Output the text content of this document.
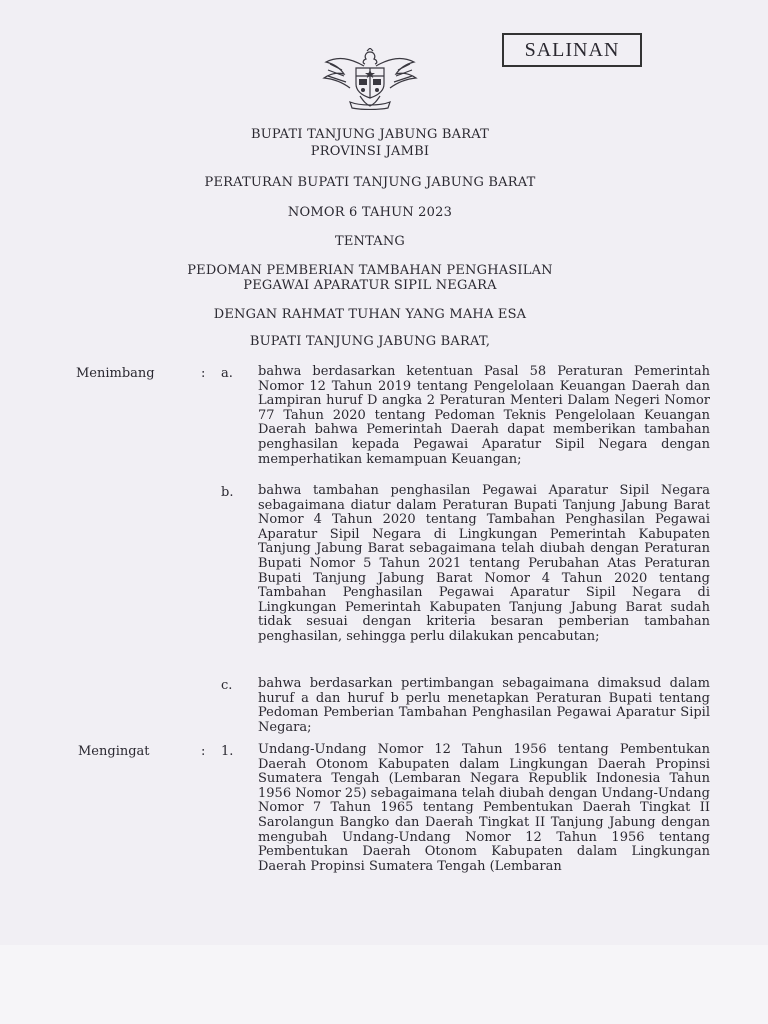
SALINAN
BUPATI TANJUNG JABUNG BARAT
PROVINSI JAMBI
PERATURAN BUPATI TANJUNG JABUNG BARAT
NOMOR 6 TAHUN 2023
TENTANG
PEDOMAN PEMBERIAN TAMBAHAN PENGHASILAN
PEGAWAI APARATUR SIPIL NEGARA
DENGAN RAHMAT TUHAN YANG MAHA ESA
BUPATI TANJUNG JABUNG BARAT,
Menimbang	: a. bahwa berdasarkan ketentuan Pasal 58 Peraturan Pemerintah Nomor 12 Tahun 2019 tentang Pengelolaan Keuangan Daerah dan Lampiran huruf D angka 2 Peraturan Menteri Dalam Negeri Nomor 77 Tahun 2020 tentang Pedoman Teknis Pengelolaan Keuangan Daerah bahwa Pemerintah Daerah dapat memberikan tambahan penghasilan kepada Pegawai Aparatur Sipil Negara dengan memperhatikan kemampuan Keuangan;
b. bahwa tambahan penghasilan Pegawai Aparatur Sipil Negara sebagaimana diatur dalam Peraturan Bupati Tanjung Jabung Barat Nomor 4 Tahun 2020 tentang Tambahan Penghasilan Pegawai Aparatur Sipil Negara di Lingkungan Pemerintah Kabupaten Tanjung Jabung Barat sebagaimana telah diubah dengan Peraturan Bupati Nomor 5 Tahun 2021 tentang Perubahan Atas Peraturan Bupati Tanjung Jabung Barat Nomor 4 Tahun 2020 tentang Tambahan Penghasilan Pegawai Aparatur Sipil Negara di Lingkungan Pemerintah Kabupaten Tanjung Jabung Barat sudah tidak sesuai dengan kriteria besaran pemberian tambahan penghasilan, sehingga perlu dilakukan pencabutan;
c. bahwa berdasarkan pertimbangan sebagaimana dimaksud dalam huruf a dan huruf b perlu menetapkan Peraturan Bupati tentang Pedoman Pemberian Tambahan Penghasilan Pegawai Aparatur Sipil Negara;
Mengingat	: 1. Undang-Undang Nomor 12 Tahun 1956 tentang Pembentukan Daerah Otonom Kabupaten dalam Lingkungan Daerah Propinsi Sumatera Tengah (Lembaran Negara Republik Indonesia Tahun 1956 Nomor 25) sebagaimana telah diubah dengan Undang-Undang Nomor 7 Tahun 1965 tentang Pembentukan Daerah Tingkat II Sarolangun Bangko dan Daerah Tingkat II Tanjung Jabung dengan mengubah Undang-Undang Nomor 12 Tahun 1956 tentang Pembentukan Daerah Otonom Kabupaten dalam Lingkungan Daerah Propinsi Sumatera Tengah (Lembaran
